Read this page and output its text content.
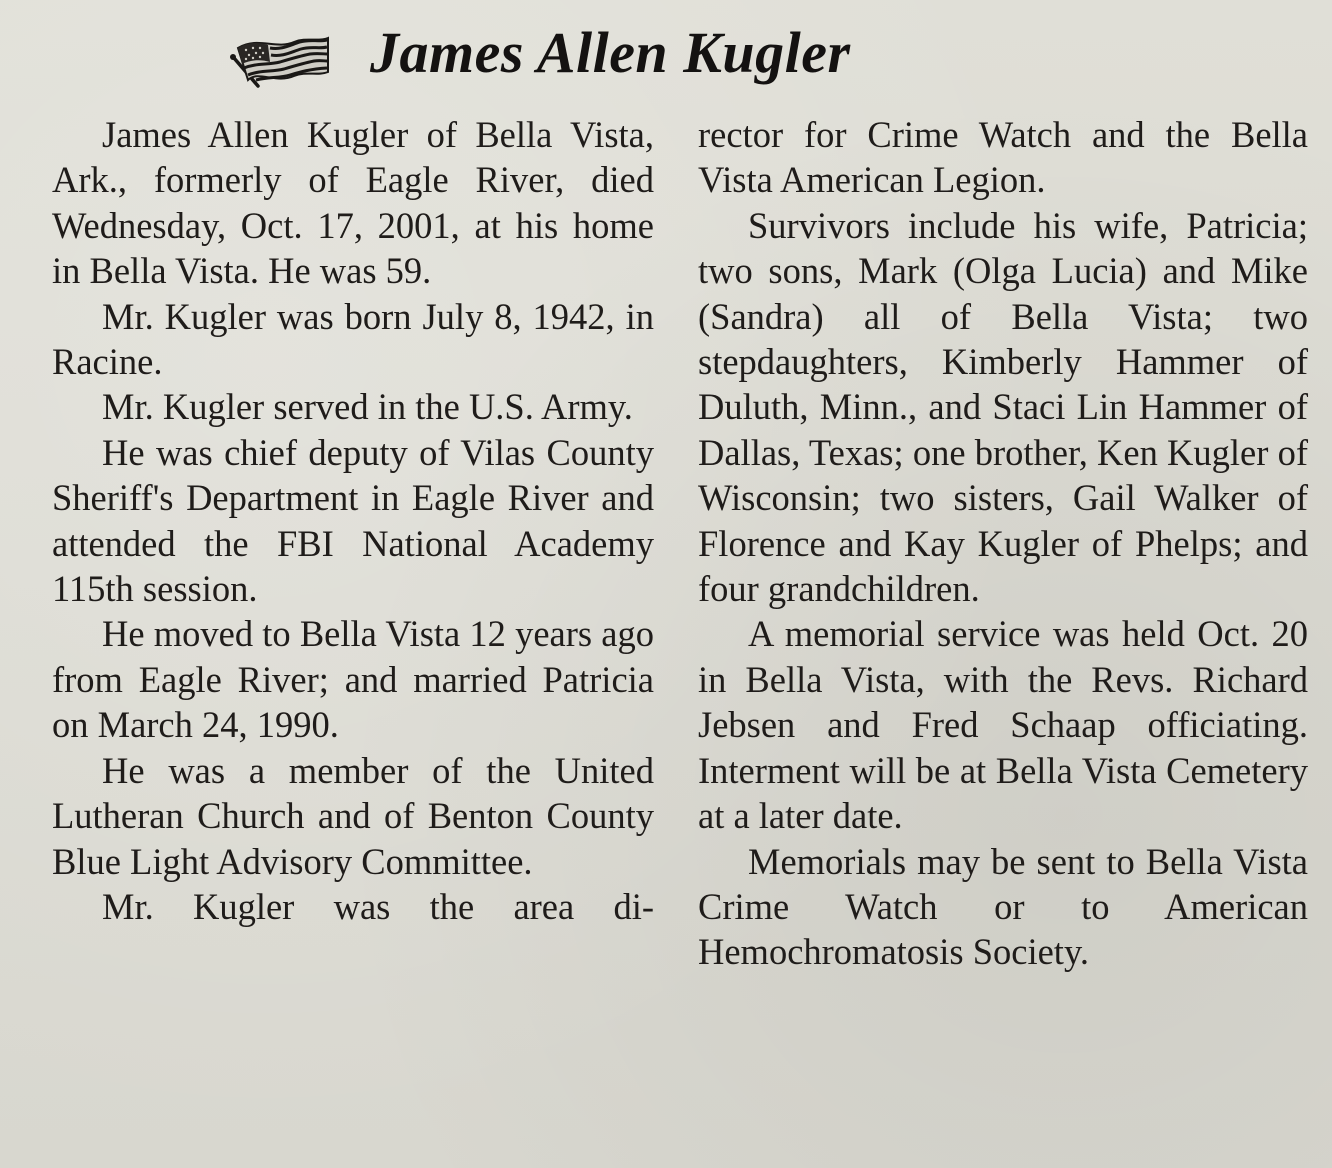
James Allen Kugler

James Allen Kugler of Bella Vista, Ark., formerly of Eagle River, died Wednesday, Oct. 17, 2001, at his home in Bella Vista. He was 59.

Mr. Kugler was born July 8, 1942, in Racine.

Mr. Kugler served in the U.S. Army.

He was chief deputy of Vilas County Sheriff's Department in Eagle River and attended the FBI National Academy 115th session.

He moved to Bella Vista 12 years ago from Eagle River; and married Patricia on March 24, 1990.

He was a member of the United Lutheran Church and of Benton County Blue Light Advisory Committee.

Mr. Kugler was the area di-

rector for Crime Watch and the Bella Vista American Legion.

Survivors include his wife, Patricia; two sons, Mark (Olga Lucia) and Mike (Sandra) all of Bella Vista; two stepdaughters, Kimberly Hammer of Duluth, Minn., and Staci Lin Hammer of Dallas, Texas; one brother, Ken Kugler of Wisconsin; two sisters, Gail Walker of Florence and Kay Kugler of Phelps; and four grandchildren.

A memorial service was held Oct. 20 in Bella Vista, with the Revs. Richard Jebsen and Fred Schaap officiating. Interment will be at Bella Vista Cemetery at a later date.

Memorials may be sent to Bella Vista Crime Watch or to American Hemochromatosis Society.
